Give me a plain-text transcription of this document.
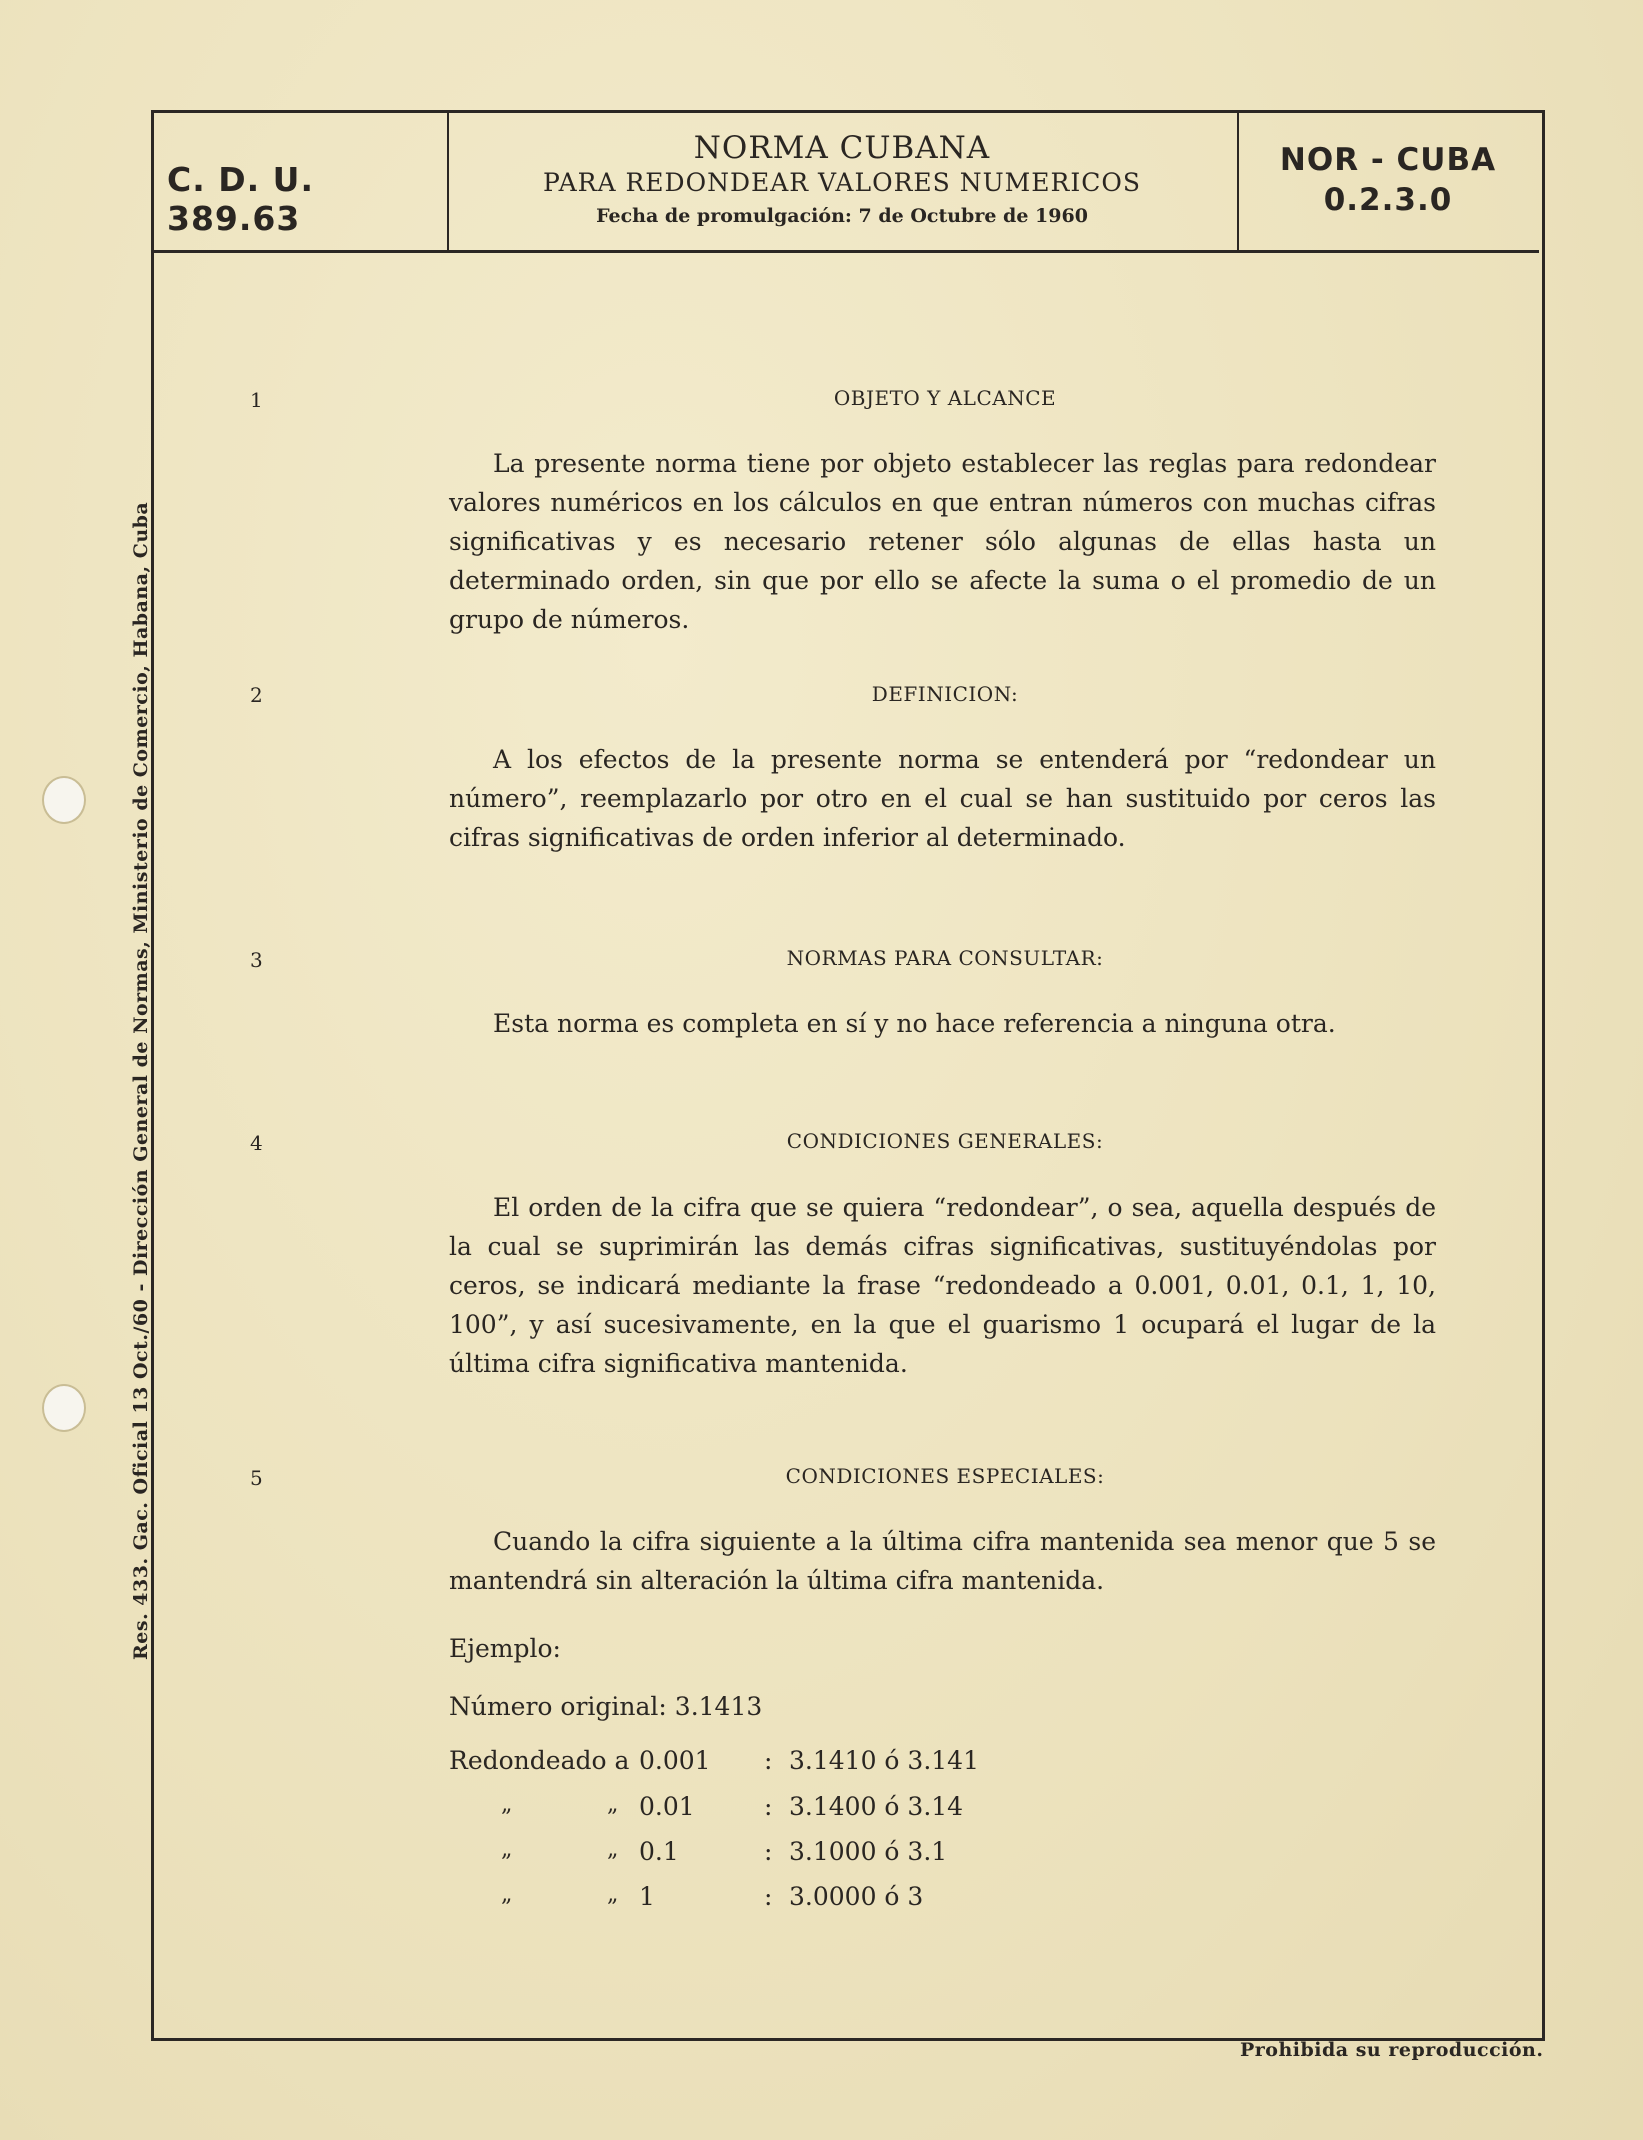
C. D. U. 389.63
NORMA CUBANA
PARA REDONDEAR VALORES NUMERICOS
Fecha de promulgación: 7 de Octubre de 1960
NOR - CUBA
0.2.3.0
Res. 433. Gac. Oficial 13 Oct./60 - Dirección General de Normas, Ministerio de Comercio, Habana, Cuba
1	OBJETO Y ALCANCE
La presente norma tiene por objeto establecer las reglas para redondear valores numéricos en los cálculos en que entran números con muchas cifras significativas y es necesario retener sólo algunas de ellas hasta un determinado orden, sin que por ello se afecte la suma o el promedio de un grupo de números.
2	DEFINICION:
A los efectos de la presente norma se entenderá por “redondear un número”, reemplazarlo por otro en el cual se han sustituido por ceros las cifras significativas de orden inferior al determinado.
3	NORMAS PARA CONSULTAR:
Esta norma es completa en sí y no hace referencia a ninguna otra.
4	CONDICIONES GENERALES:
El orden de la cifra que se quiera “redondear”, o sea, aquella después de la cual se suprimirán las demás cifras significativas, sustituyéndolas por ceros, se indicará mediante la frase “redondeado a 0.001, 0.01, 0.1, 1, 10, 100”, y así sucesivamente, en la que el guarismo 1 ocupará el lugar de la última cifra significativa mantenida.
5	CONDICIONES ESPECIALES:
Cuando la cifra siguiente a la última cifra mantenida sea menor que 5 se mantendrá sin alteración la última cifra mantenida.
Ejemplo:
Número original: 3.1413
Redondeado a 0.001 : 3.1410 ó 3.141
„	„ 0.01	: 3.1400 ó 3.14
„	„ 0.1	: 3.1000 ó 3.1
„	„ 1	: 3.0000 ó 3
Prohibida su reproducción.
